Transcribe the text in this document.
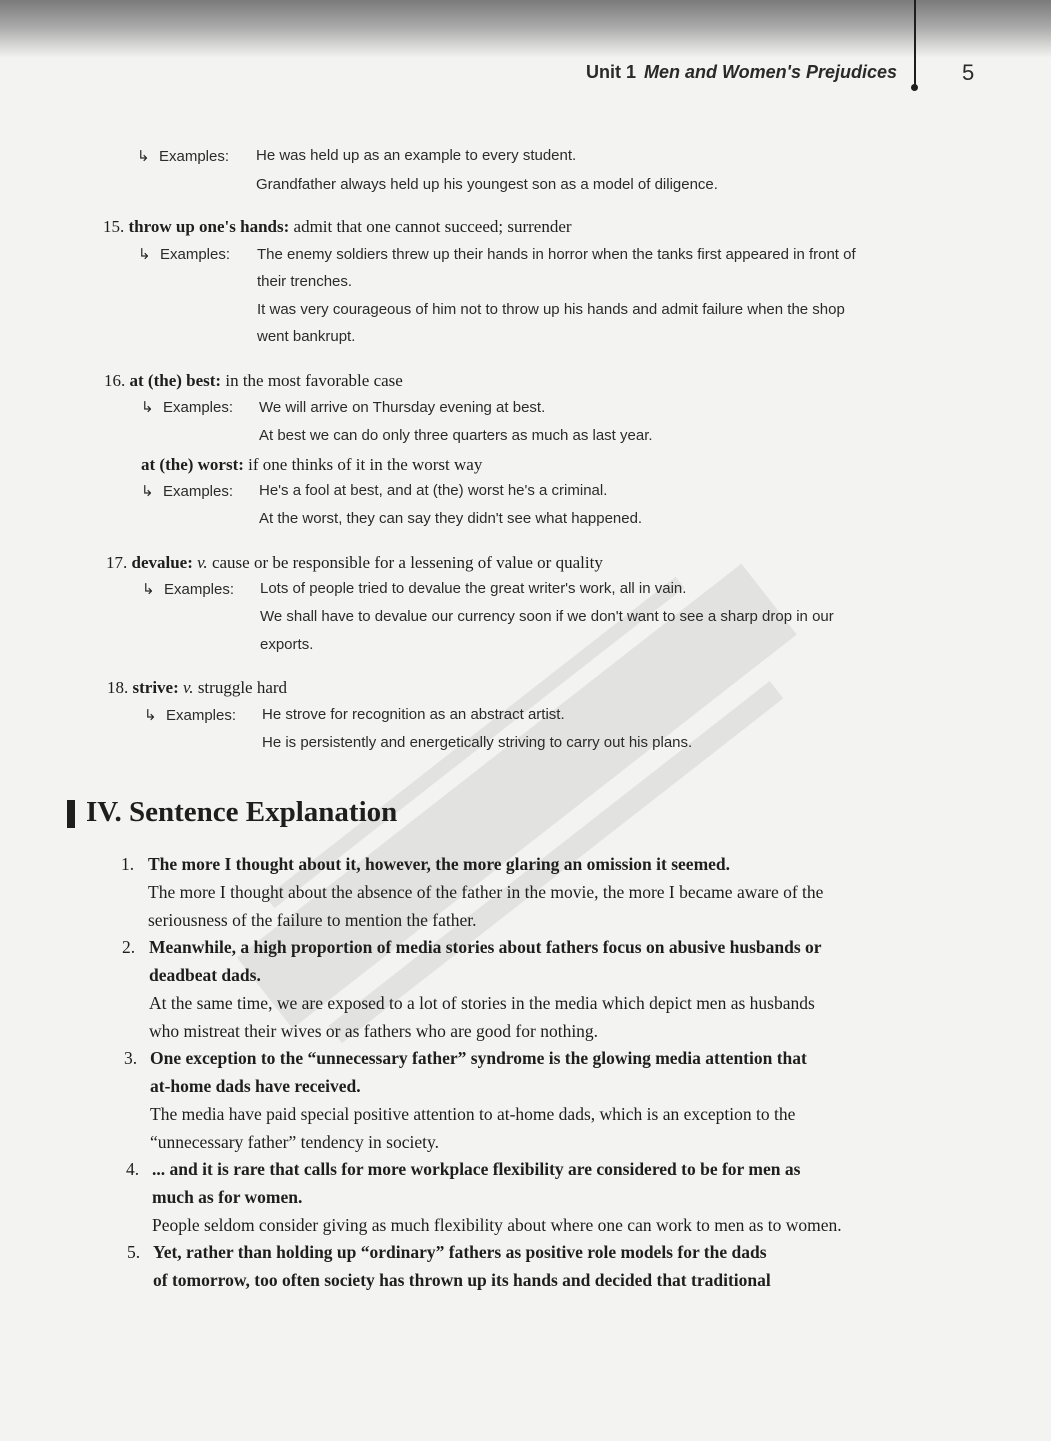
Unit 1 Men and Women's Prejudices	5
↳ Examples: He was held up as an example to every student.
Grandfather always held up his youngest son as a model of diligence.
15. throw up one's hands: admit that one cannot succeed; surrender
↳ Examples: The enemy soldiers threw up their hands in horror when the tanks first appeared in front of
their trenches.
It was very courageous of him not to throw up his hands and admit failure when the shop
went bankrupt.
16. at (the) best: in the most favorable case
↳ Examples: We will arrive on Thursday evening at best.
At best we can do only three quarters as much as last year.
at (the) worst: if one thinks of it in the worst way
↳ Examples: He's a fool at best, and at (the) worst he's a criminal.
At the worst, they can say they didn't see what happened.
17. devalue: v. cause or be responsible for a lessening of value or quality
↳ Examples: Lots of people tried to devalue the great writer's work, all in vain.
We shall have to devalue our currency soon if we don't want to see a sharp drop in our
exports.
18. strive: v. struggle hard
↳ Examples: He strove for recognition as an abstract artist.
He is persistently and energetically striving to carry out his plans.
IV. Sentence Explanation
1. The more I thought about it, however, the more glaring an omission it seemed.
The more I thought about the absence of the father in the movie, the more I became aware of the
seriousness of the failure to mention the father.
2. Meanwhile, a high proportion of media stories about fathers focus on abusive husbands or
deadbeat dads.
At the same time, we are exposed to a lot of stories in the media which depict men as husbands
who mistreat their wives or as fathers who are good for nothing.
3. One exception to the “unnecessary father” syndrome is the glowing media attention that
at-home dads have received.
The media have paid special positive attention to at-home dads, which is an exception to the
“unnecessary father” tendency in society.
4. ... and it is rare that calls for more workplace flexibility are considered to be for men as
much as for women.
People seldom consider giving as much flexibility about where one can work to men as to women.
5. Yet, rather than holding up “ordinary” fathers as positive role models for the dads
of tomorrow, too often society has thrown up its hands and decided that traditional
